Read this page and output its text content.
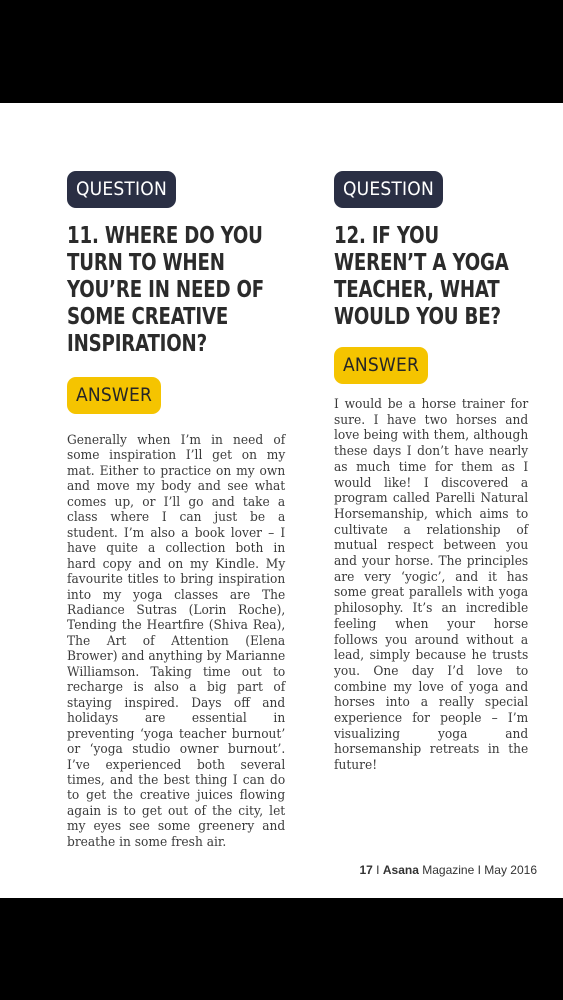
QUESTION
11. WHERE DO YOU TURN TO WHEN YOU’RE IN NEED OF SOME CREATIVE INSPIRATION?
ANSWER

Generally when I’m in need of some inspiration I’ll get on my mat. Either to practice on my own and move my body and see what comes up, or I’ll go and take a class where I can just be a student. I’m also a book lover – I have quite a collection both in hard copy and on my Kindle. My favourite titles to bring inspiration into my yoga classes are The Radiance Sutras (Lorin Roche), Tending the Heartfire (Shiva Rea), The Art of Attention (Elena Brower) and anything by Marianne Williamson. Taking time out to recharge is also a big part of staying inspired. Days off and holidays are essential in preventing ‘yoga teacher burnout’ or ‘yoga studio owner burnout’. I’ve experienced both several times, and the best thing I can do to get the creative juices flowing again is to get out of the city, let my eyes see some greenery and breathe in some fresh air.

QUESTION
12. IF YOU WEREN’T A YOGA TEACHER, WHAT WOULD YOU BE?
ANSWER

I would be a horse trainer for sure. I have two horses and love being with them, although these days I don’t have nearly as much time for them as I would like! I discovered a program called Parelli Natural Horsemanship, which aims to cultivate a relationship of mutual respect between you and your horse. The principles are very ‘yogic’, and it has some great parallels with yoga philosophy. It’s an incredible feeling when your horse follows you around without a lead, simply because he trusts you. One day I’d love to combine my love of yoga and horses into a really special experience for people – I’m visualizing yoga and horsemanship retreats in the future!

17 I Asana Magazine I May 2016
